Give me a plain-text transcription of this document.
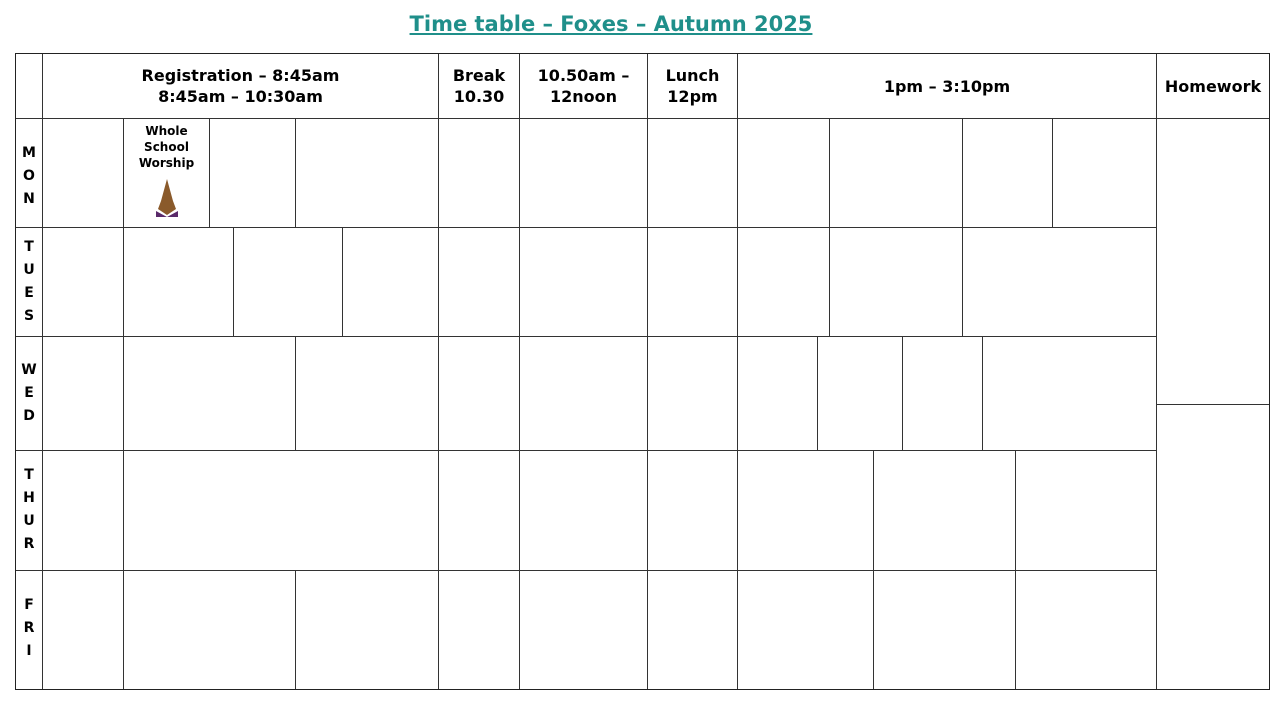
Time table – Foxes – Autumn 2025
Registration – 8:45am
8:45am – 10:30am
Break
10.30
10.50am –
12noon
Lunch
12pm
1pm – 3:10pm	Homework
M
O
N
T
U
E
S
W
E
D
T
H
U
R
F
R
I
Whole School Worship
